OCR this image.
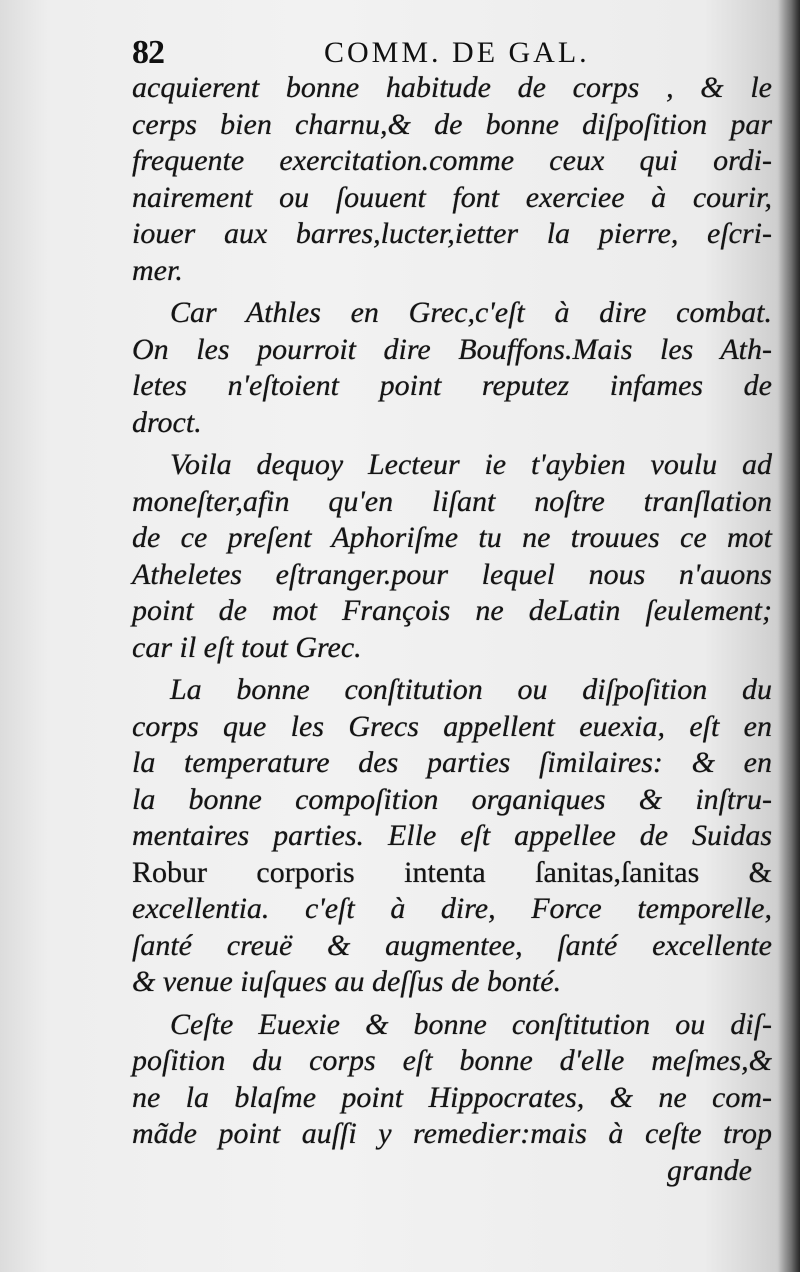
82	COMM. DE GAL.
acquierent bonne habitude de corps , & le
cerps bien charnu,& de bonne diſpoſition par
frequente exercitation.comme ceux qui ordi-
nairement ou ſouuent font exerciee à courir,
iouer aux barres,lucter,ietter la pierre, eſcri-
mer.
Car Athles en Grec,c'eſt à dire combat.
On les pourroit dire Bouffons.Mais les Ath-
letes n'eſtoient point reputez infames de
droct.
Voila dequoy Lecteur ie t'aybien voulu ad
moneſter,afin qu'en liſant noſtre tranſlation
de ce preſent Aphoriſme tu ne trouues ce mot
Atheletes eſtranger.pour lequel nous n'auons
point de mot François ne deLatin ſeulement;
car il eſt tout Grec.
La bonne conſtitution ou diſpoſition du
corps que les Grecs appellent euexia, eſt en
la temperature des parties ſimilaires: & en
la bonne compoſition organiques & inſtru-
mentaires parties. Elle eſt appellee de Suidas
Robur corporis intenta ſanitas,ſanitas &
excellentia. c'eſt à dire, Force temporelle,
ſanté creuë & augmentee, ſanté excellente
& venue iuſques au deſſus de bonté.
Ceſte Euexie & bonne conſtitution ou diſ-
poſition du corps eſt bonne d'elle meſmes,&
ne la blaſme point Hippocrates, & ne com-
mãde point auſſi y remedier:mais à ceſte trop
grande
